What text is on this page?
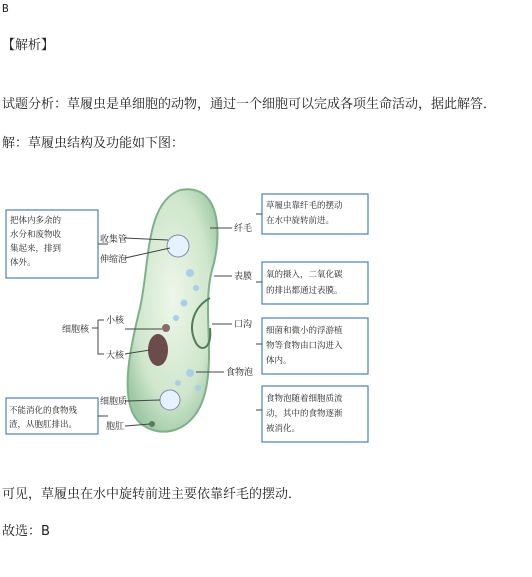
B
【解析】
试题分析：草履虫是单细胞的动物，通过一个细胞可以完成各项生命活动，据此解答．
解：草履虫结构及功能如下图：
把体内多余的
水分和废物收
集起来，排到
体外。
不能消化的食物残
渣，从胞肛排出。
草履虫靠纤毛的摆动
在水中旋转前进。
氧的摄入，二氧化碳
的排出都通过表膜。
细菌和微小的浮游植
物等食物由口沟进入
体内。
食物泡随着细胞质流
动，其中的食物逐渐
被消化。
收集管
伸缩泡
细胞核
小核
大核
细胞质
胞肛
纤毛
表膜
口沟
食物泡
可见，草履虫在水中旋转前进主要依靠纤毛的摆动．
故选：B
